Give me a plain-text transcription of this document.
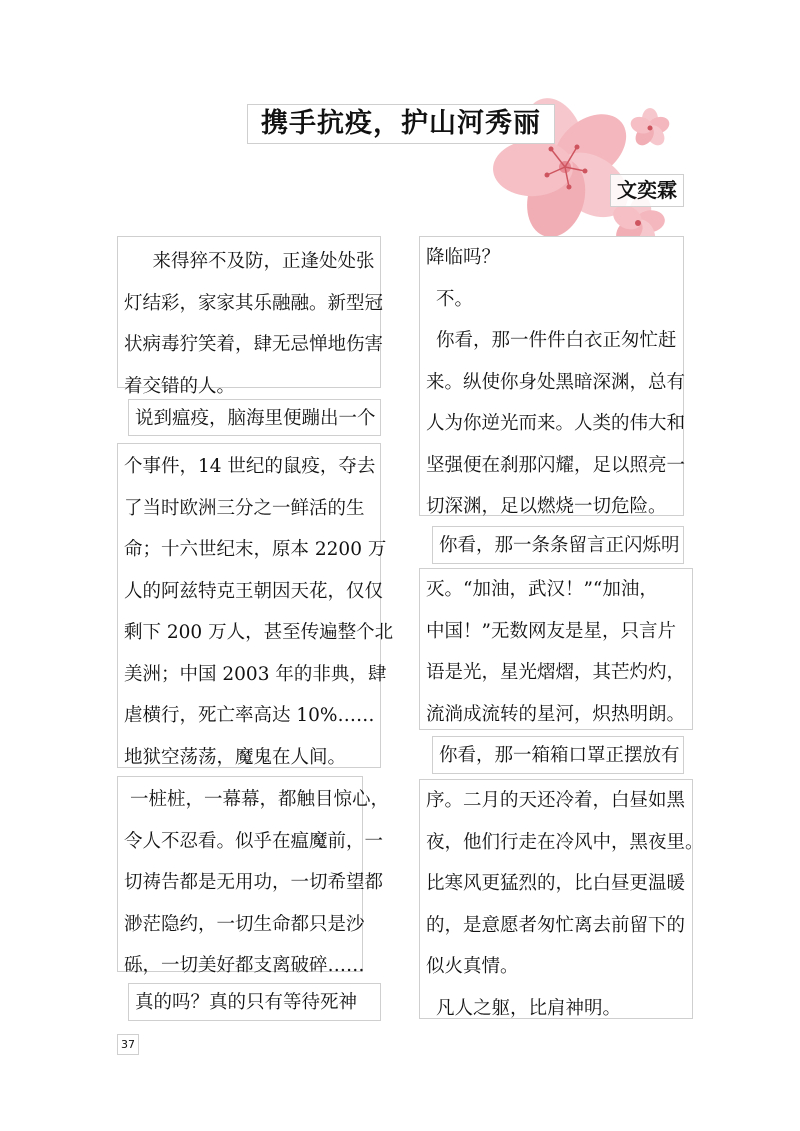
携手抗疫，护山河秀丽
文奕霖
　来得猝不及防，正逢处处张
灯结彩，家家其乐融融。新型冠
状病毒狞笑着，肆无忌惮地伤害
着交错的人。
说到瘟疫，脑海里便蹦出一个
个事件，14 世纪的鼠疫，夺去
了当时欧洲三分之一鲜活的生
命；十六世纪末，原本 2200 万
人的阿兹特克王朝因天花，仅仅
剩下 200 万人，甚至传遍整个北
美洲；中国 2003 年的非典，肆
虐横行，死亡率高达 10%……
地狱空荡荡，魔鬼在人间。
一桩桩，一幕幕，都触目惊心，
令人不忍看。似乎在瘟魔前，一
切祷告都是无用功，一切希望都
渺茫隐约，一切生命都只是沙
砾，一切美好都支离破碎……
真的吗？真的只有等待死神
降临吗？
不。
你看，那一件件白衣正匆忙赶
来。纵使你身处黑暗深渊，总有
人为你逆光而来。人类的伟大和
坚强便在刹那闪耀，足以照亮一
切深渊，足以燃烧一切危险。
你看，那一条条留言正闪烁明
灭。“加油，武汉！”“加油，
中国！”无数网友是星，只言片
语是光，星光熠熠，其芒灼灼，
流淌成流转的星河，炽热明朗。
你看，那一箱箱口罩正摆放有
序。二月的天还冷着，白昼如黑
夜，他们行走在冷风中，黑夜里。
比寒风更猛烈的，比白昼更温暖
的，是意愿者匆忙离去前留下的
似火真情。
凡人之躯，比肩神明。
37
